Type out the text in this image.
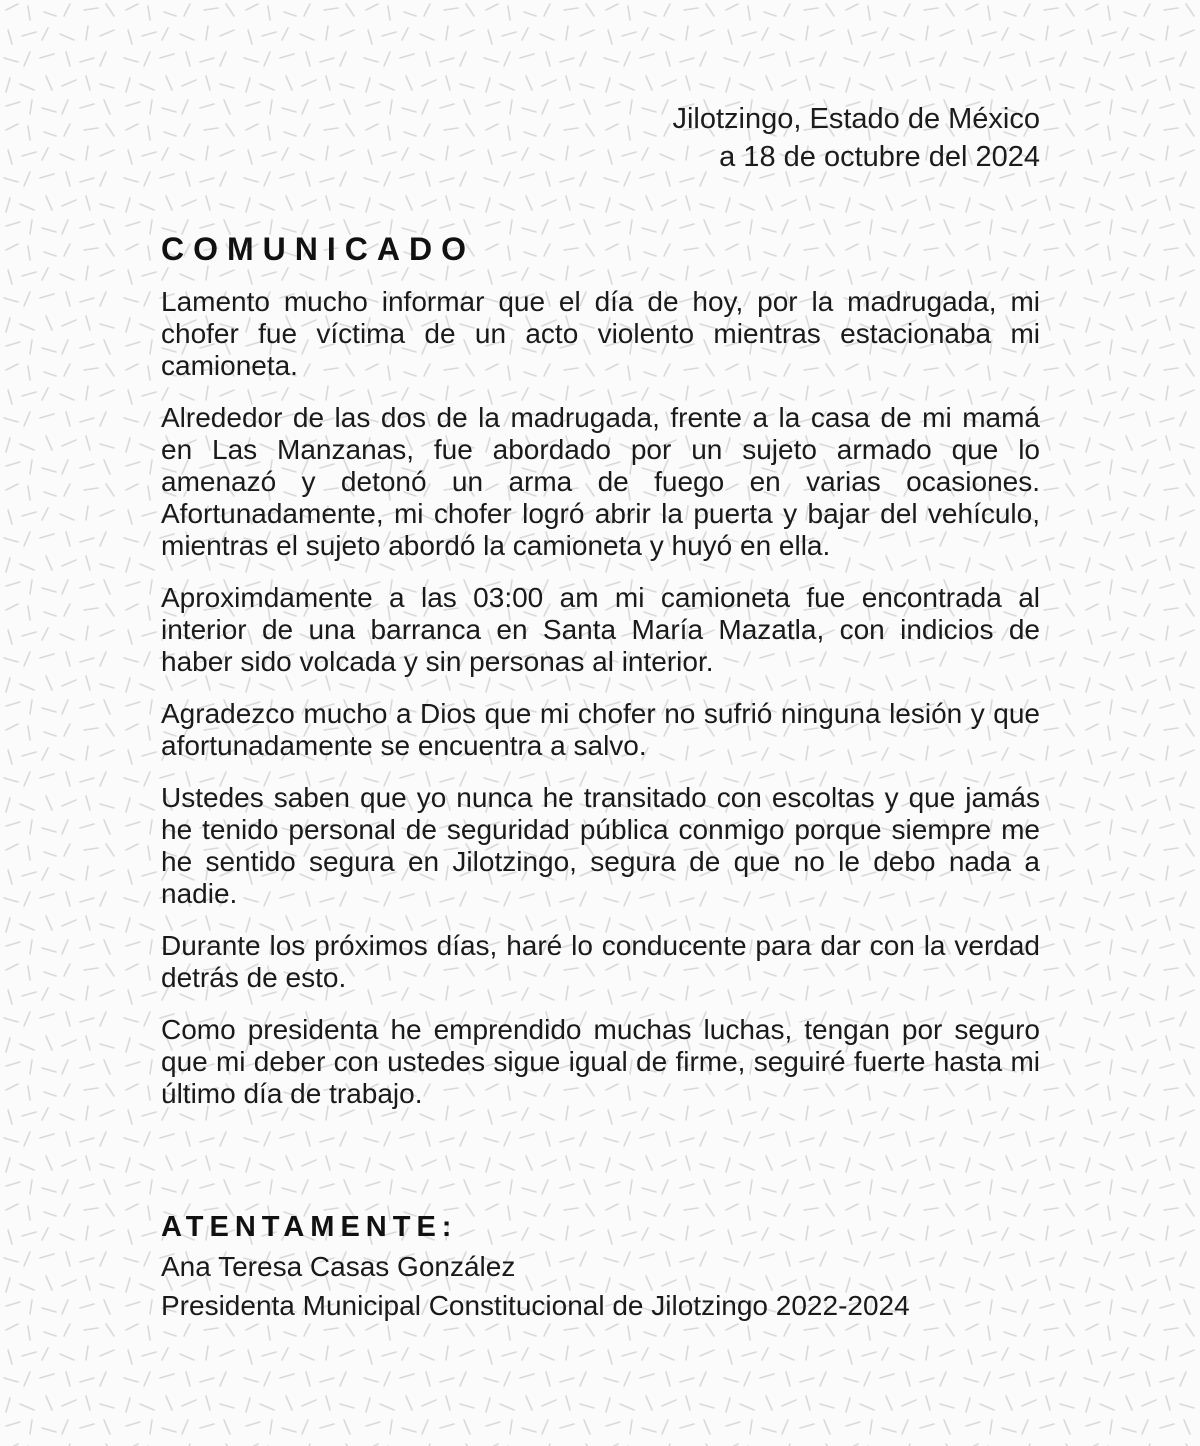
Jilotzingo, Estado de México
a 18 de octubre del 2024
COMUNICADO

Lamento mucho informar que el día de hoy, por la madrugada, mi chofer fue víctima de un acto violento mientras estacionaba mi camioneta.

Alrededor de las dos de la madrugada, frente a la casa de mi mamá en Las Manzanas, fue abordado por un sujeto armado que lo amenazó y detonó un arma de fuego en varias ocasiones. Afortunadamente, mi chofer logró abrir la puerta y bajar del vehículo, mientras el sujeto abordó la camioneta y huyó en ella.

Aproximdamente a las 03:00 am mi camioneta fue encontrada al interior de una barranca en Santa María Mazatla, con indicios de haber sido volcada y sin personas al interior.

Agradezco mucho a Dios que mi chofer no sufrió ninguna lesión y que afortunadamente se encuentra a salvo.

Ustedes saben que yo nunca he transitado con escoltas y que jamás he tenido personal de seguridad pública conmigo porque siempre me he sentido segura en Jilotzingo, segura de que no le debo nada a nadie.

Durante los próximos días, haré lo conducente para dar con la verdad detrás de esto.

Como presidenta he emprendido muchas luchas, tengan por seguro que mi deber con ustedes sigue igual de firme, seguiré fuerte hasta mi último día de trabajo.

ATENTAMENTE:
Ana Teresa Casas González
Presidenta Municipal Constitucional de Jilotzingo 2022-2024
